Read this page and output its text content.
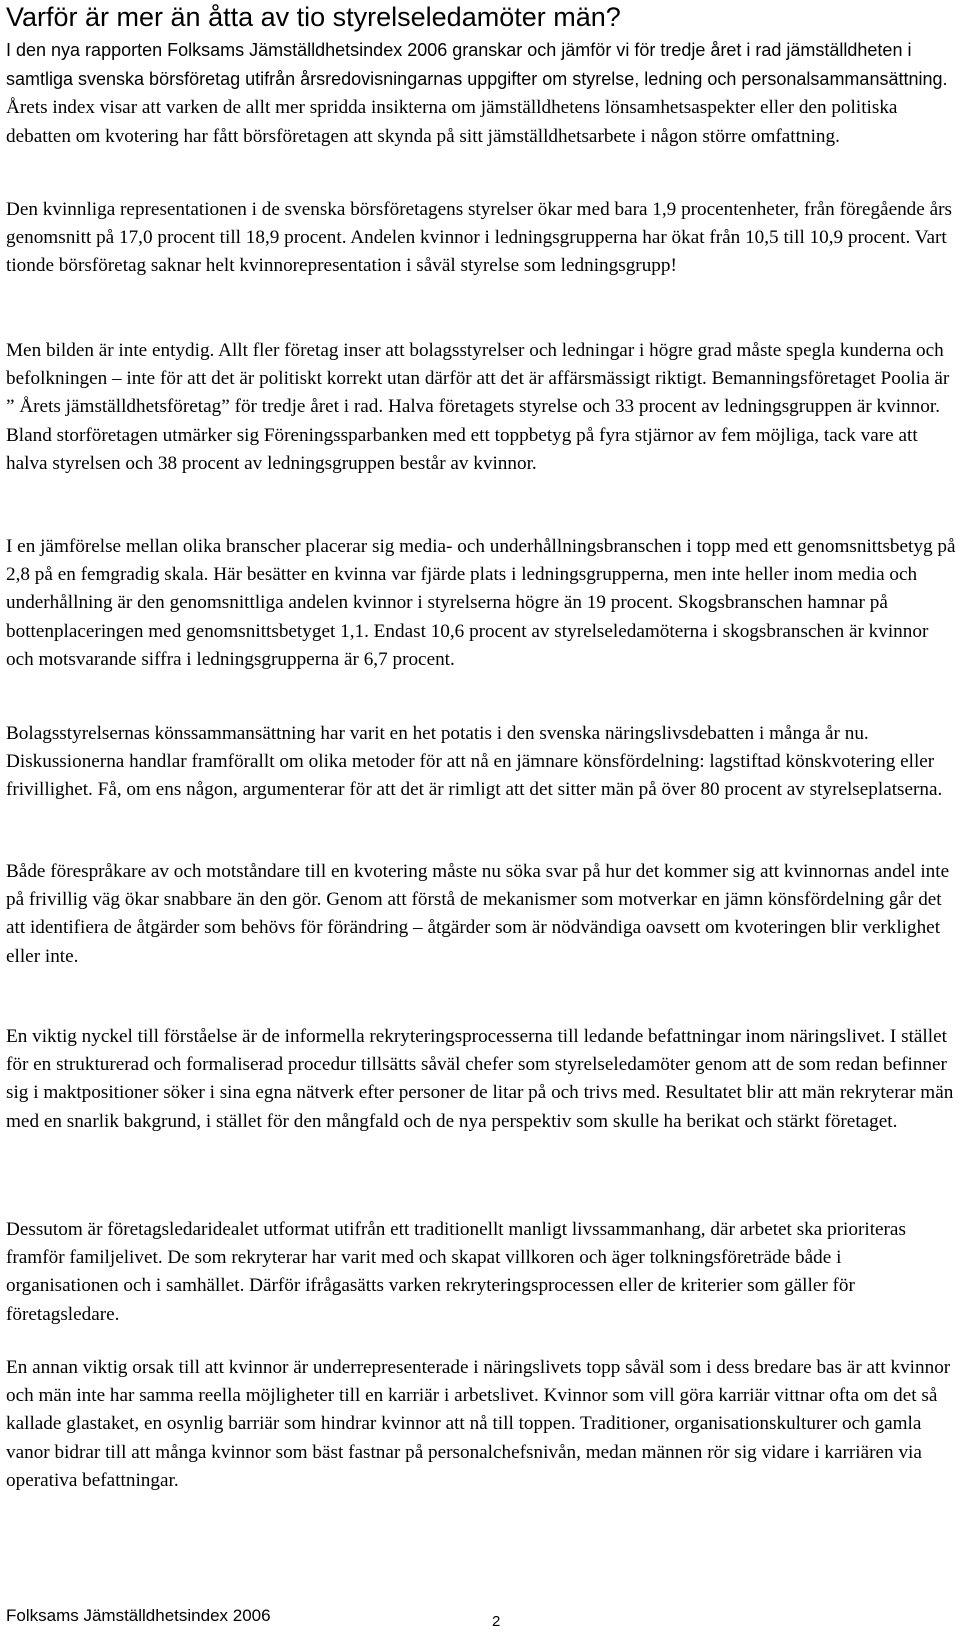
Varför är mer än åtta av tio styrelseledamöter män?

I den nya rapporten Folksams Jämställdhetsindex 2006 granskar och jämför vi för tredje året i rad jämställdheten i samtliga svenska börsföretag utifrån årsredovisningarnas uppgifter om styrelse, ledning och personalsammansättning. Årets index visar att varken de allt mer spridda insikterna om jämställdhetens lönsamhetsaspekter eller den politiska debatten om kvotering har fått börsföretagen att skynda på sitt jämställdhetsarbete i någon större omfattning.

Den kvinnliga representationen i de svenska börsföretagens styrelser ökar med bara 1,9 procentenheter, från föregående års genomsnitt på 17,0 procent till 18,9 procent. Andelen kvinnor i ledningsgrupperna har ökat från 10,5 till 10,9 procent. Vart tionde börsföretag saknar helt kvinnorepresentation i såväl styrelse som ledningsgrupp!

Men bilden är inte entydig. Allt fler företag inser att bolagsstyrelser och ledningar i högre grad måste spegla kunderna och befolkningen – inte för att det är politiskt korrekt utan därför att det är affärsmässigt riktigt. Bemanningsföretaget Poolia är ” Årets jämställdhetsföretag” för tredje året i rad. Halva företagets styrelse och 33 procent av ledningsgruppen är kvinnor. Bland storföretagen utmärker sig Föreningssparbanken med ett toppbetyg på fyra stjärnor av fem möjliga, tack vare att halva styrelsen och 38 procent av ledningsgruppen består av kvinnor.

I en jämförelse mellan olika branscher placerar sig media- och underhållningsbranschen i topp med ett genomsnittsbetyg på 2,8 på en femgradig skala. Här besätter en kvinna var fjärde plats i ledningsgrupperna, men inte heller inom media och underhållning är den genomsnittliga andelen kvinnor i styrelserna högre än 19 procent. Skogsbranschen hamnar på bottenplaceringen med genomsnittsbetyget 1,1. Endast 10,6 procent av styrelseledamöterna i skogsbranschen är kvinnor och motsvarande siffra i ledningsgrupperna är 6,7 procent.

Bolagsstyrelsernas könssammansättning har varit en het potatis i den svenska näringslivsdebatten i många år nu. Diskussionerna handlar framförallt om olika metoder för att nå en jämnare könsfördelning: lagstiftad könskvotering eller frivillighet. Få, om ens någon, argumenterar för att det är rimligt att det sitter män på över 80 procent av styrelseplatserna.

Både förespråkare av och motståndare till en kvotering måste nu söka svar på hur det kommer sig att kvinnornas andel inte på frivillig väg ökar snabbare än den gör. Genom att förstå de mekanismer som motverkar en jämn könsfördelning går det att identifiera de åtgärder som behövs för förändring – åtgärder som är nödvändiga oavsett om kvoteringen blir verklighet eller inte.

En viktig nyckel till förståelse är de informella rekryteringsprocesserna till ledande befattningar inom näringslivet. I stället för en strukturerad och formaliserad procedur tillsätts såväl chefer som styrelseledamöter genom att de som redan befinner sig i maktpositioner söker i sina egna nätverk efter personer de litar på och trivs med. Resultatet blir att män rekryterar män med en snarlik bakgrund, i stället för den mångfald och de nya perspektiv som skulle ha berikat och stärkt företaget.

Dessutom är företagsledaridealet utformat utifrån ett traditionellt manligt livssammanhang, där arbetet ska prioriteras framför familjelivet. De som rekryterar har varit med och skapat villkoren och äger tolkningsföreträde både i organisationen och i samhället. Därför ifrågasätts varken rekryteringsprocessen eller de kriterier som gäller för företagsledare.

En annan viktig orsak till att kvinnor är underrepresenterade i näringslivets topp såväl som i dess bredare bas är att kvinnor och män inte har samma reella möjligheter till en karriär i arbetslivet. Kvinnor som vill göra karriär vittnar ofta om det så kallade glastaket, en osynlig barriär som hindrar kvinnor att nå till toppen. Traditioner, organisationskulturer och gamla vanor bidrar till att många kvinnor som bäst fastnar på personalchefsnivån, medan männen rör sig vidare i karriären via operativa befattningar.

Folksams Jämställdhetsindex 2006	2
